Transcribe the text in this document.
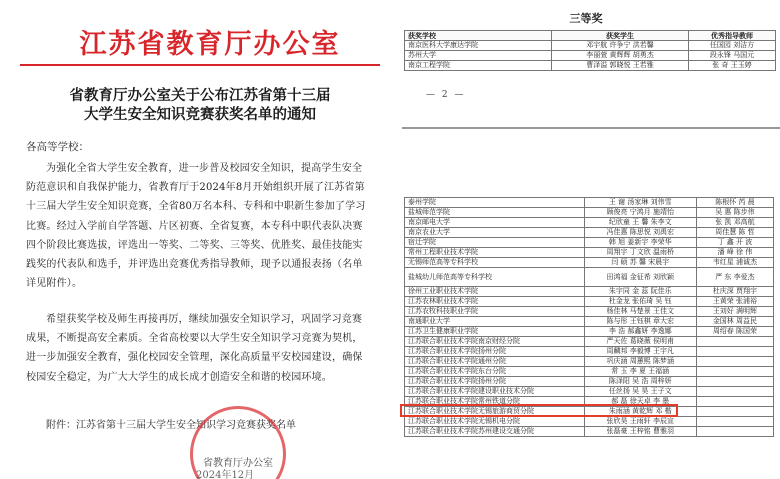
江苏省教育厅办公室
省教育厅办公室关于公布江苏省第十三届
大学生安全知识竞赛获奖名单的通知
各高等学校：
为强化全省大学生安全教育，进一步普及校园安全知识，提高学生安全防范意识和自我保护能力，省教育厅于2024年8月开始组织开展了江苏省第十三届大学生安全知识竞赛，全省80万名本科、专科和中职新生参加了学习比赛。经过入学前自学答题、片区初赛、全省复赛，本专科中职代表队决赛四个阶段比赛选拔，评选出一等奖、二等奖、三等奖、优胜奖、最佳技能实践奖的代表队和选手，并评选出竞赛优秀指导教师，现予以通报表扬（名单详见附件）。
希望获奖学校及师生再接再厉，继续加强安全知识学习，巩固学习竞赛成果，不断提高安全素质。全省高校要以大学生安全知识学习竞赛为契机，进一步加强安全教育，强化校园安全管理，深化高质量平安校园建设，确保校园安全稳定，为广大大学生的成长成才创造安全和谐的校园环境。
附件：江苏省第十三届大学生安全知识学习竞赛获奖名单
省教育厅办公室
2024年12月
三等奖
获奖学校	获奖学生	优秀指导教师
南京医科大学康达学院	邓宇航 许争宁 洪若馨	任国园 刘洁方
苏州大学	李丽萱 黄辉辉 胡勇杰	段永锋 马国元
南京工程学院	曹泽溢 郭晓悦 王若雅	张 奇 王玉婷
— 2 —
泰州学院	王 谢 汤家琳 刘伟雪	陈根怀 芮 晨
盐城师范学院	顾俊亮 宁鸿月 施靖怡	吴 惠 陈步伟
南京邮电大学	纪欣童 王 馨 朱李文	张 凯 邓高航
南京农业大学	冯佳惠 陈思悦 刘禹宏	周佳慧 陈 哲
宿迁学院	韩 旭 姜新宇 李荣华	丁 鑫 开 波
常州工程职业技术学院	周翔宇 丁文欣 温雨桥	潘 峰 徐 伟
无锡师范高等专科学校	闫 硕 苏 馨 宋晨宇	韦红星 浦诚杰
盐城幼儿师范高等专科学校	田鸿福 金征希 刘欣颖	严 东 李爱杰
徐州工业职业技术学院	朱宇同 金 蕊 阮佳乐	杜庆深 贾翔宇
江苏农林职业技术学院	杜金龙 张佑琦 吴 钰	王黄荣 张浦裕
江苏农牧科技职业学院	杨佳林 马楚景 王佳文	王刘好 满明辉
南通职业大学	陈与彤 王钰棋 章大宏	金国林 周益民
江苏卫生健康职业学院	李 浩 郝鑫妍 李逸娜	周绍春 陈国荣
江苏联合职业技术学院南京财经分院	严天佐 葛晓薇 侯明甫	
江苏联合职业技术学院扬州分院	周麟邦 李毅博 王宇凡	
江苏联合职业技术学院通州分院	巩庆涵 周蕙熙 陈梦涵	
江苏联合职业技术学院东台分院	常 玉 李 夏 王福涵	
江苏联合职业技术学院扬州分院	陈泽阳 吴 浩 周梓妍	
江苏联合职业技术学院建设职业技术分院	任丝扬 吴 昊 王子文	
江苏联合职业技术学院常州铁道分院	郝 磊 徐天卓 李 墨	
江苏联合职业技术学院无锡旅游商贸分院	朱雨涵 黄乾辉 邓 楷	
江苏联合职业技术学院无锡机电分院	张欣昊 王雨轩 李辰宣	
江苏联合职业技术学院苏州建设交通分院	张磊豪 王梓铭 曹雅羽	
